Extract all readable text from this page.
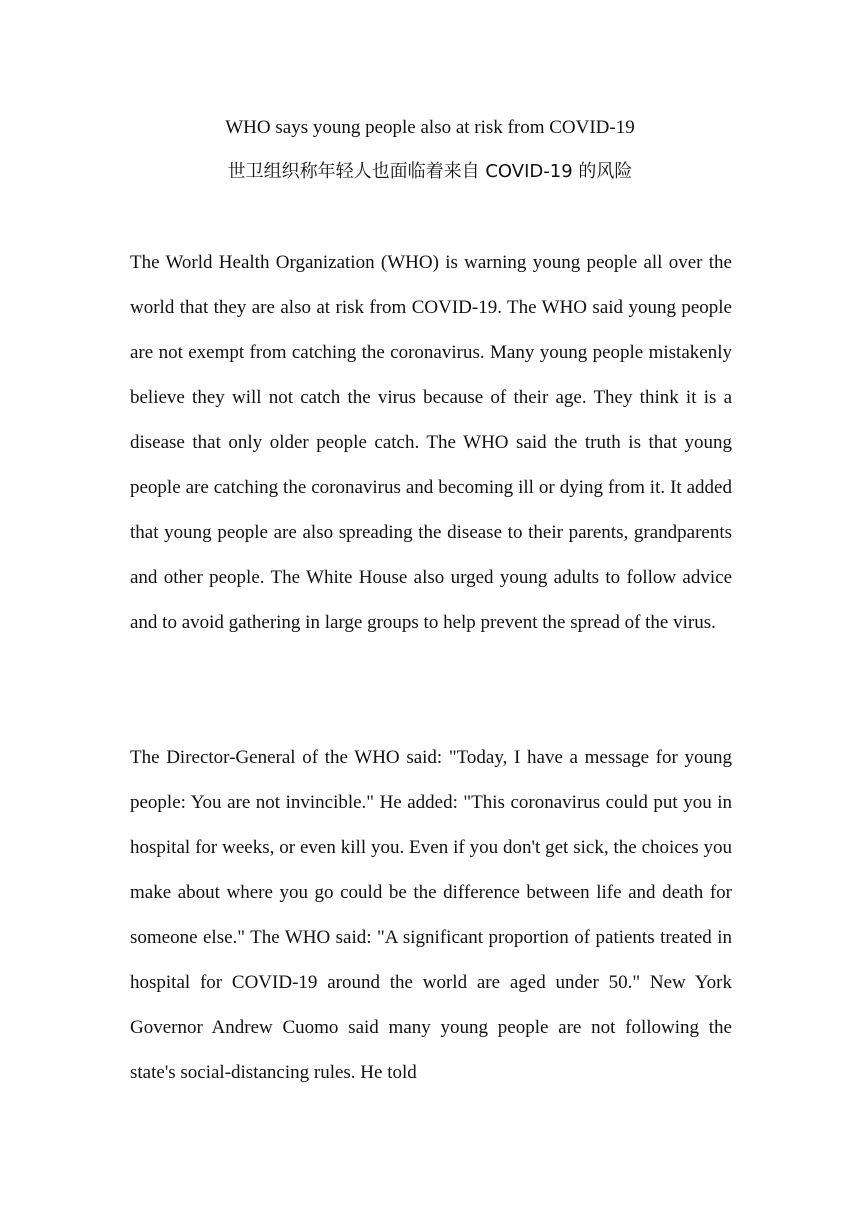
WHO says young people also at risk from COVID-19
世卫组织称年轻人也面临着来自 COVID-19 的风险

The World Health Organization (WHO) is warning young people all over the world that they are also at risk from COVID-19. The WHO said young people are not exempt from catching the coronavirus. Many young people mistakenly believe they will not catch the virus because of their age. They think it is a disease that only older people catch. The WHO said the truth is that young people are catching the coronavirus and becoming ill or dying from it. It added that young people are also spreading the disease to their parents, grandparents and other people. The White House also urged young adults to follow advice and to avoid gathering in large groups to help prevent the spread of the virus.

The Director-General of the WHO said: "Today, I have a message for young people: You are not invincible." He added: "This coronavirus could put you in hospital for weeks, or even kill you. Even if you don't get sick, the choices you make about where you go could be the difference between life and death for someone else." The WHO said: "A significant proportion of patients treated in hospital for COVID-19 around the world are aged under 50." New York Governor Andrew Cuomo said many young people are not following the state's social-distancing rules. He told
